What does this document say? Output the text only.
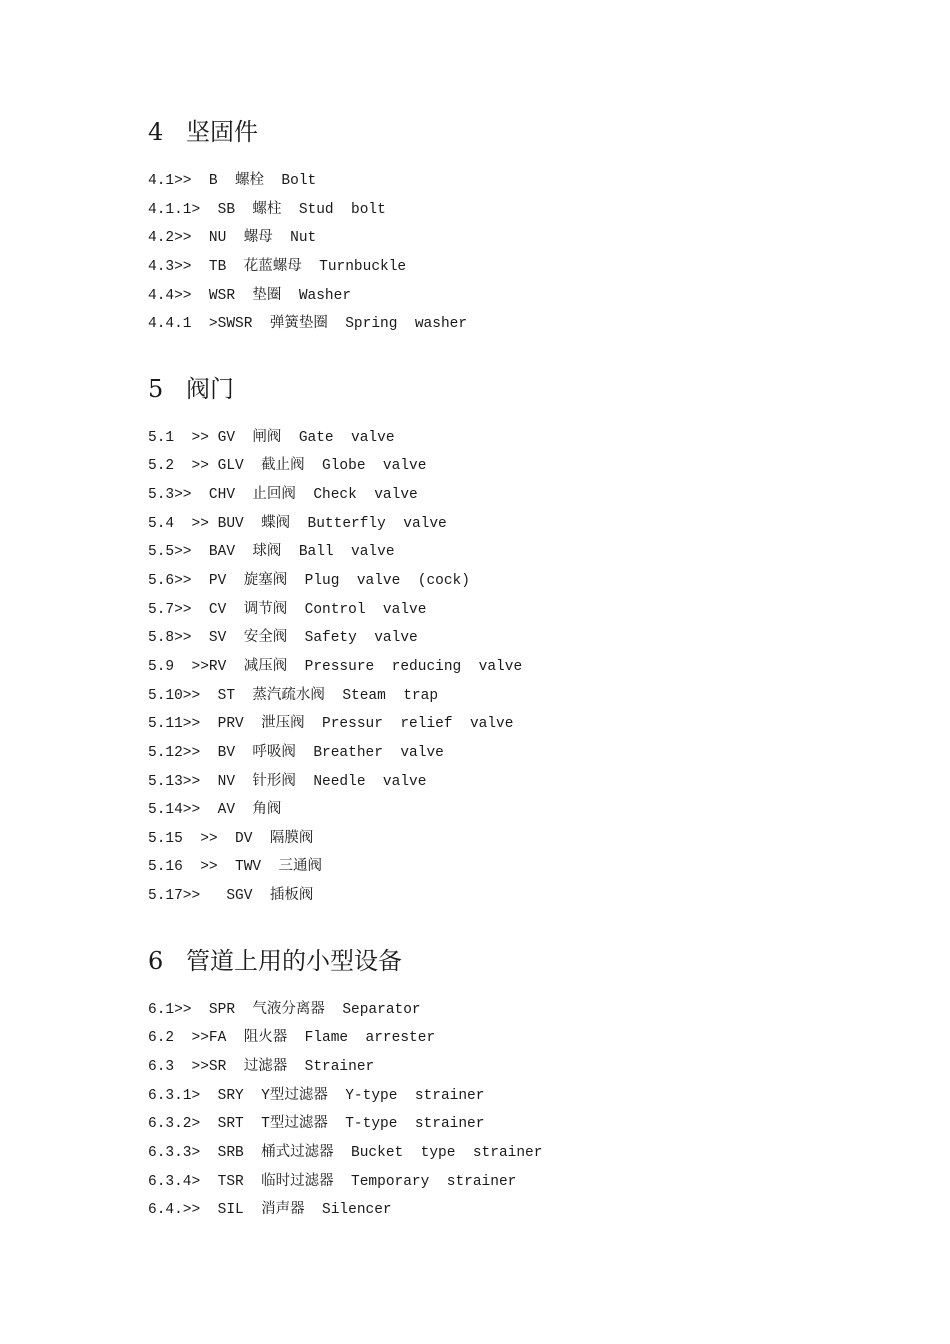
4 坚固件
4.1>>  B  螺栓  Bolt
4.1.1>  SB  螺柱  Stud  bolt
4.2>>  NU  螺母  Nut
4.3>>  TB  花蓝螺母  Turnbuckle
4.4>>  WSR  垫圈  Washer
4.4.1  >SWSR  弹簧垫圈  Spring  washer
5 阀门
5.1  >> GV  闸阀  Gate  valve
5.2  >> GLV  截止阀  Globe  valve
5.3>>  CHV  止回阀  Check  valve
5.4  >> BUV  蝶阀  Butterfly  valve
5.5>>  BAV  球阀  Ball  valve
5.6>>  PV  旋塞阀  Plug  valve  (cock)
5.7>>  CV  调节阀  Control  valve
5.8>>  SV  安全阀  Safety  valve
5.9  >>RV  减压阀  Pressure  reducing  valve
5.10>>  ST  蒸汽疏水阀  Steam  trap
5.11>>  PRV  泄压阀  Pressur  relief  valve
5.12>>  BV  呼吸阀  Breather  valve
5.13>>  NV  针形阀  Needle  valve
5.14>>  AV  角阀
5.15  >>  DV  隔膜阀
5.16  >>  TWV  三通阀
5.17>>   SGV  插板阀
6 管道上用的小型设备
6.1>>  SPR  气液分离器  Separator
6.2  >>FA  阻火器  Flame  arrester
6.3  >>SR  过滤器  Strainer
6.3.1>  SRY  Y型过滤器  Y-type  strainer
6.3.2>  SRT  T型过滤器  T-type  strainer
6.3.3>  SRB  桶式过滤器  Bucket  type  strainer
6.3.4>  TSR  临时过滤器  Temporary  strainer
6.4.>>  SIL  消声器  Silencer
